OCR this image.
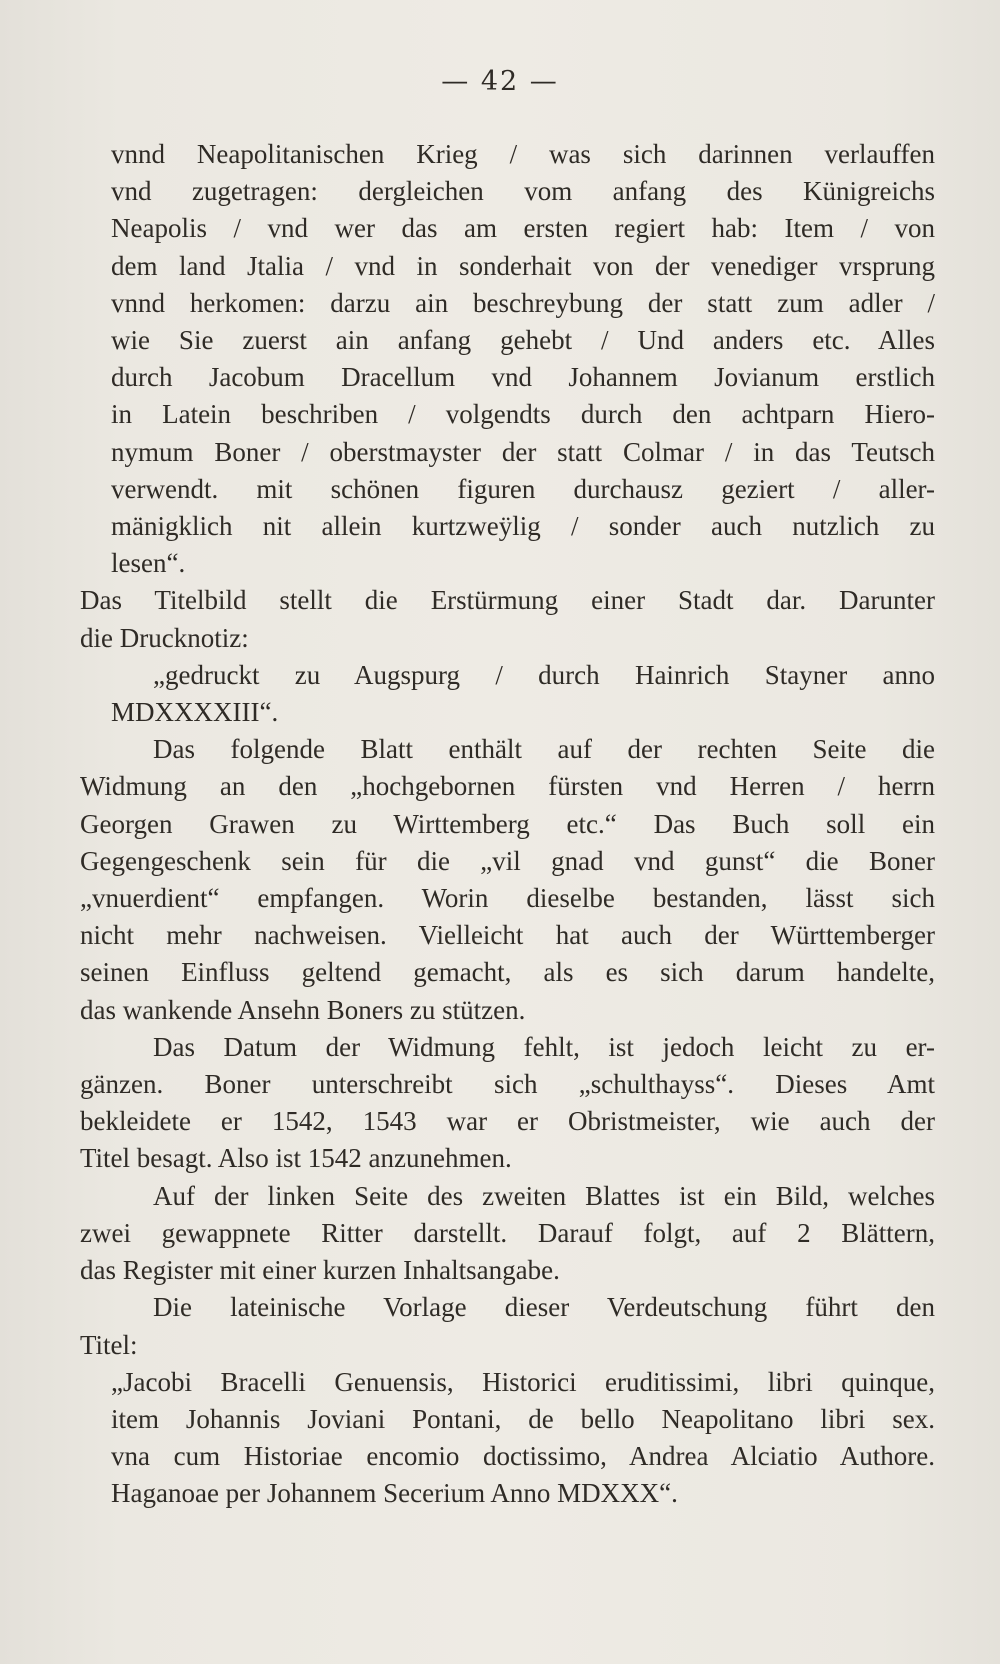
— 42 —
vnnd Neapolitanischen Krieg / was sich darinnen verlauffen
vnd zugetragen: dergleichen vom anfang des Künigreichs
Neapolis / vnd wer das am ersten regiert hab: Item / von
dem land Jtalia / vnd in sonderhait von der venediger vrsprung
vnnd herkomen: darzu ain beschreybung der statt zum adler /
wie Sie zuerst ain anfang gehebt / Und anders etc. Alles
durch Jacobum Dracellum vnd Johannem Jovianum erstlich
in Latein beschriben / volgendts durch den achtparn Hiero-
nymum Boner / oberstmayster der statt Colmar / in das Teutsch
verwendt. mit schönen figuren durchausz geziert / aller-
mänigklich nit allein kurtzweÿlig / sonder auch nutzlich zu
lesen“.
Das Titelbild stellt die Erstürmung einer Stadt dar. Darunter
die Drucknotiz:
„gedruckt zu Augspurg / durch Hainrich Stayner anno
MDXXXXIII“.
Das folgende Blatt enthält auf der rechten Seite die
Widmung an den „hochgebornen fürsten vnd Herren / herrn
Georgen Grawen zu Wirttemberg etc.“ Das Buch soll ein
Gegengeschenk sein für die „vil gnad vnd gunst“ die Boner
„vnuerdient“ empfangen. Worin dieselbe bestanden, lässt sich
nicht mehr nachweisen. Vielleicht hat auch der Württemberger
seinen Einfluss geltend gemacht, als es sich darum handelte,
das wankende Ansehn Boners zu stützen.
Das Datum der Widmung fehlt, ist jedoch leicht zu er-
gänzen. Boner unterschreibt sich „schulthayss“. Dieses Amt
bekleidete er 1542, 1543 war er Obristmeister, wie auch der
Titel besagt. Also ist 1542 anzunehmen.
Auf der linken Seite des zweiten Blattes ist ein Bild, welches
zwei gewappnete Ritter darstellt. Darauf folgt, auf 2 Blättern,
das Register mit einer kurzen Inhaltsangabe.
Die lateinische Vorlage dieser Verdeutschung führt den
Titel:
„Jacobi Bracelli Genuensis, Historici eruditissimi, libri quinque,
item Johannis Joviani Pontani, de bello Neapolitano libri sex.
vna cum Historiae encomio doctissimo, Andrea Alciatio Authore.
Haganoae per Johannem Secerium Anno MDXXX“.
